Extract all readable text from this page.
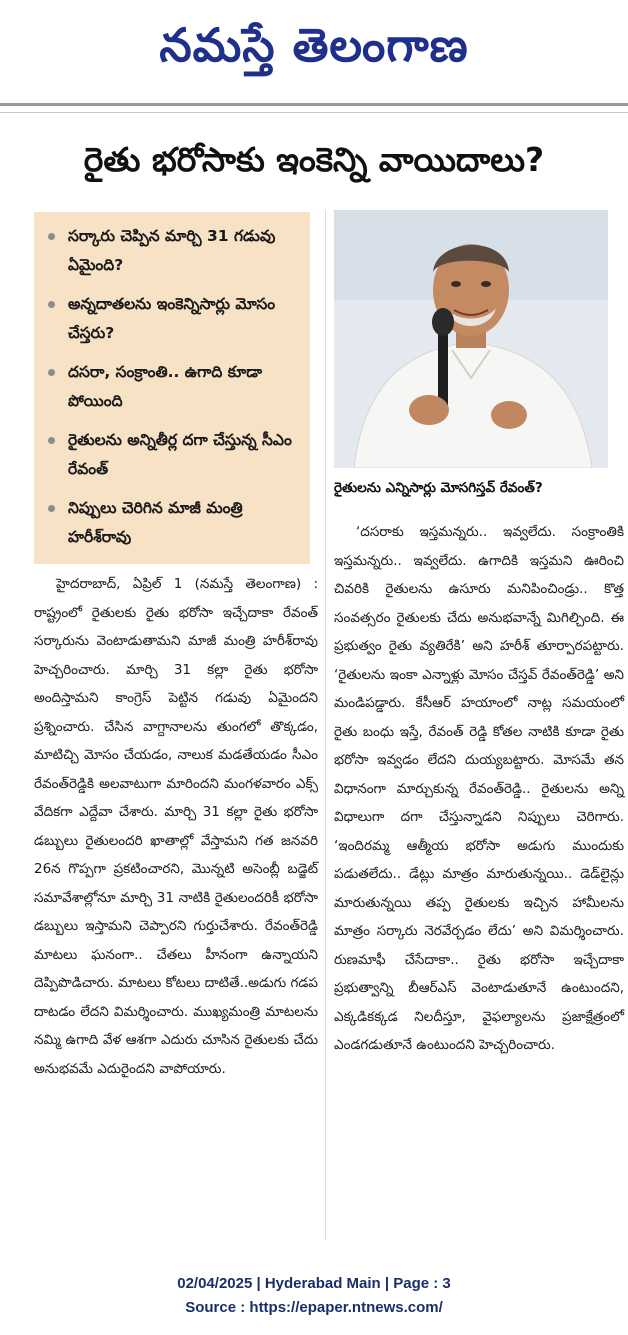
నమస్తే తెలంగాణ
రైతు భరోసాకు ఇంకెన్ని వాయిదాలు?
సర్కారు చెప్పిన మార్చి 31 గడువు ఏమైంది?
అన్నదాతలను ఇంకెన్నిసార్లు మోసం చేస్తరు?
దసరా, సంక్రాంతి.. ఉగాది కూడా పోయింది
రైతులను అన్నితీర్ల దగా చేస్తున్న సీఎం రేవంత్
నిప్పులు చెరిగిన మాజీ మంత్రి హరీశ్‌రావు
రైతులను ఎన్నిసార్లు మోసగిస్తవ్ రేవంత్?

హైదరాబాద్, ఏప్రిల్ 1 (నమస్తే తెలంగాణ) : రాష్ట్రంలో రైతులకు రైతు భరోసా ఇచ్చేదాకా రేవంత్ సర్కారును వెంటాడుతామని మాజీ మంత్రి హరీశ్‌రావు హెచ్చరించారు. మార్చి 31 కల్లా రైతు భరోసా అందిస్తామని కాంగ్రెస్ పెట్టిన గడువు ఏమైందని ప్రశ్నించారు. చేసిన వాగ్దానాలను తుంగలో తొక్కడం, మాటిచ్చి మోసం చేయడం, నాలుక మడతేయడం సీఎం రేవంత్‌రెడ్డికి అలవాటుగా మారిందని మంగళవారం ఎక్స్ వేదికగా ఎద్దేవా చేశారు. మార్చి 31 కల్లా రైతు భరోసా డబ్బులు రైతులందరి ఖాతాల్లో వేస్తామని గత జనవరి 26న గొప్పగా ప్రకటించారని, మొన్నటి అసెంబ్లీ బడ్జెట్ సమావేశాల్లోనూ మార్చి 31 నాటికి రైతులందరికీ భరోసా డబ్బులు ఇస్తామని చెప్పారని గుర్తుచేశారు. రేవంత్‌రెడ్డి మాటలు ఘనంగా.. చేతలు హీనంగా ఉన్నాయని దెప్పిపొడిచారు. మాటలు కోటలు దాటితే..అడుగు గడప దాటడం లేదని విమర్శించారు. ముఖ్యమంత్రి మాటలను నమ్మి ఉగాది వేళ ఆశగా ఎదురు చూసిన రైతులకు చేదు అనుభవమే ఎదురైందని వాపోయారు.

‘దసరాకు ఇస్తమన్నరు.. ఇవ్వలేదు. సంక్రాంతికి ఇస్తమన్నరు.. ఇవ్వలేదు. ఉగాదికి ఇస్తమని ఊరించి చివరికి రైతులను ఉసూరు మనిపించిండ్రు.. కొత్త సంవత్సరం రైతులకు చేదు అనుభవాన్నే మిగిల్చింది. ఈ ప్రభుత్వం రైతు వ్యతిరేకి’ అని హరీశ్ తూర్పారపట్టారు. ‘రైతులను ఇంకా ఎన్నాళ్లు మోసం చేస్తవ్ రేవంత్‌రెడ్డి’ అని మండిపడ్డారు. కేసీఆర్ హయాంలో నాట్ల సమయంలో రైతు బంధు ఇస్తే, రేవంత్ రెడ్డి కోతల నాటికి కూడా రైతు భరోసా ఇవ్వడం లేదని దుయ్యబట్టారు. మోసమే తన విధానంగా మార్చుకున్న రేవంత్‌రెడ్డి.. రైతులను అన్ని విధాలుగా దగా చేస్తున్నాడని నిప్పులు చెరిగారు. ‘ఇందిరమ్మ ఆత్మీయ భరోసా అడుగు ముందుకు పడుతలేదు.. డేట్లు మాత్రం మారుతున్నయి.. డెడ్‌లైన్లు మారుతున్నయి తప్ప రైతులకు ఇచ్చిన హామీలను మాత్రం సర్కారు నెరవేర్చడం లేదు’ అని విమర్శించారు. రుణమాఫీ చేసేదాకా.. రైతు భరోసా ఇచ్చేదాకా ప్రభుత్వాన్ని బీఆర్ఎస్ వెంటాడుతూనే ఉంటుందని, ఎక్కడికక్కడ నిలదీస్తూ, వైఫల్యాలను ప్రజాక్షేత్రంలో ఎండగడుతూనే ఉంటుందని హెచ్చరించారు.

02/04/2025 | Hyderabad Main | Page : 3
Source : https://epaper.ntnews.com/
